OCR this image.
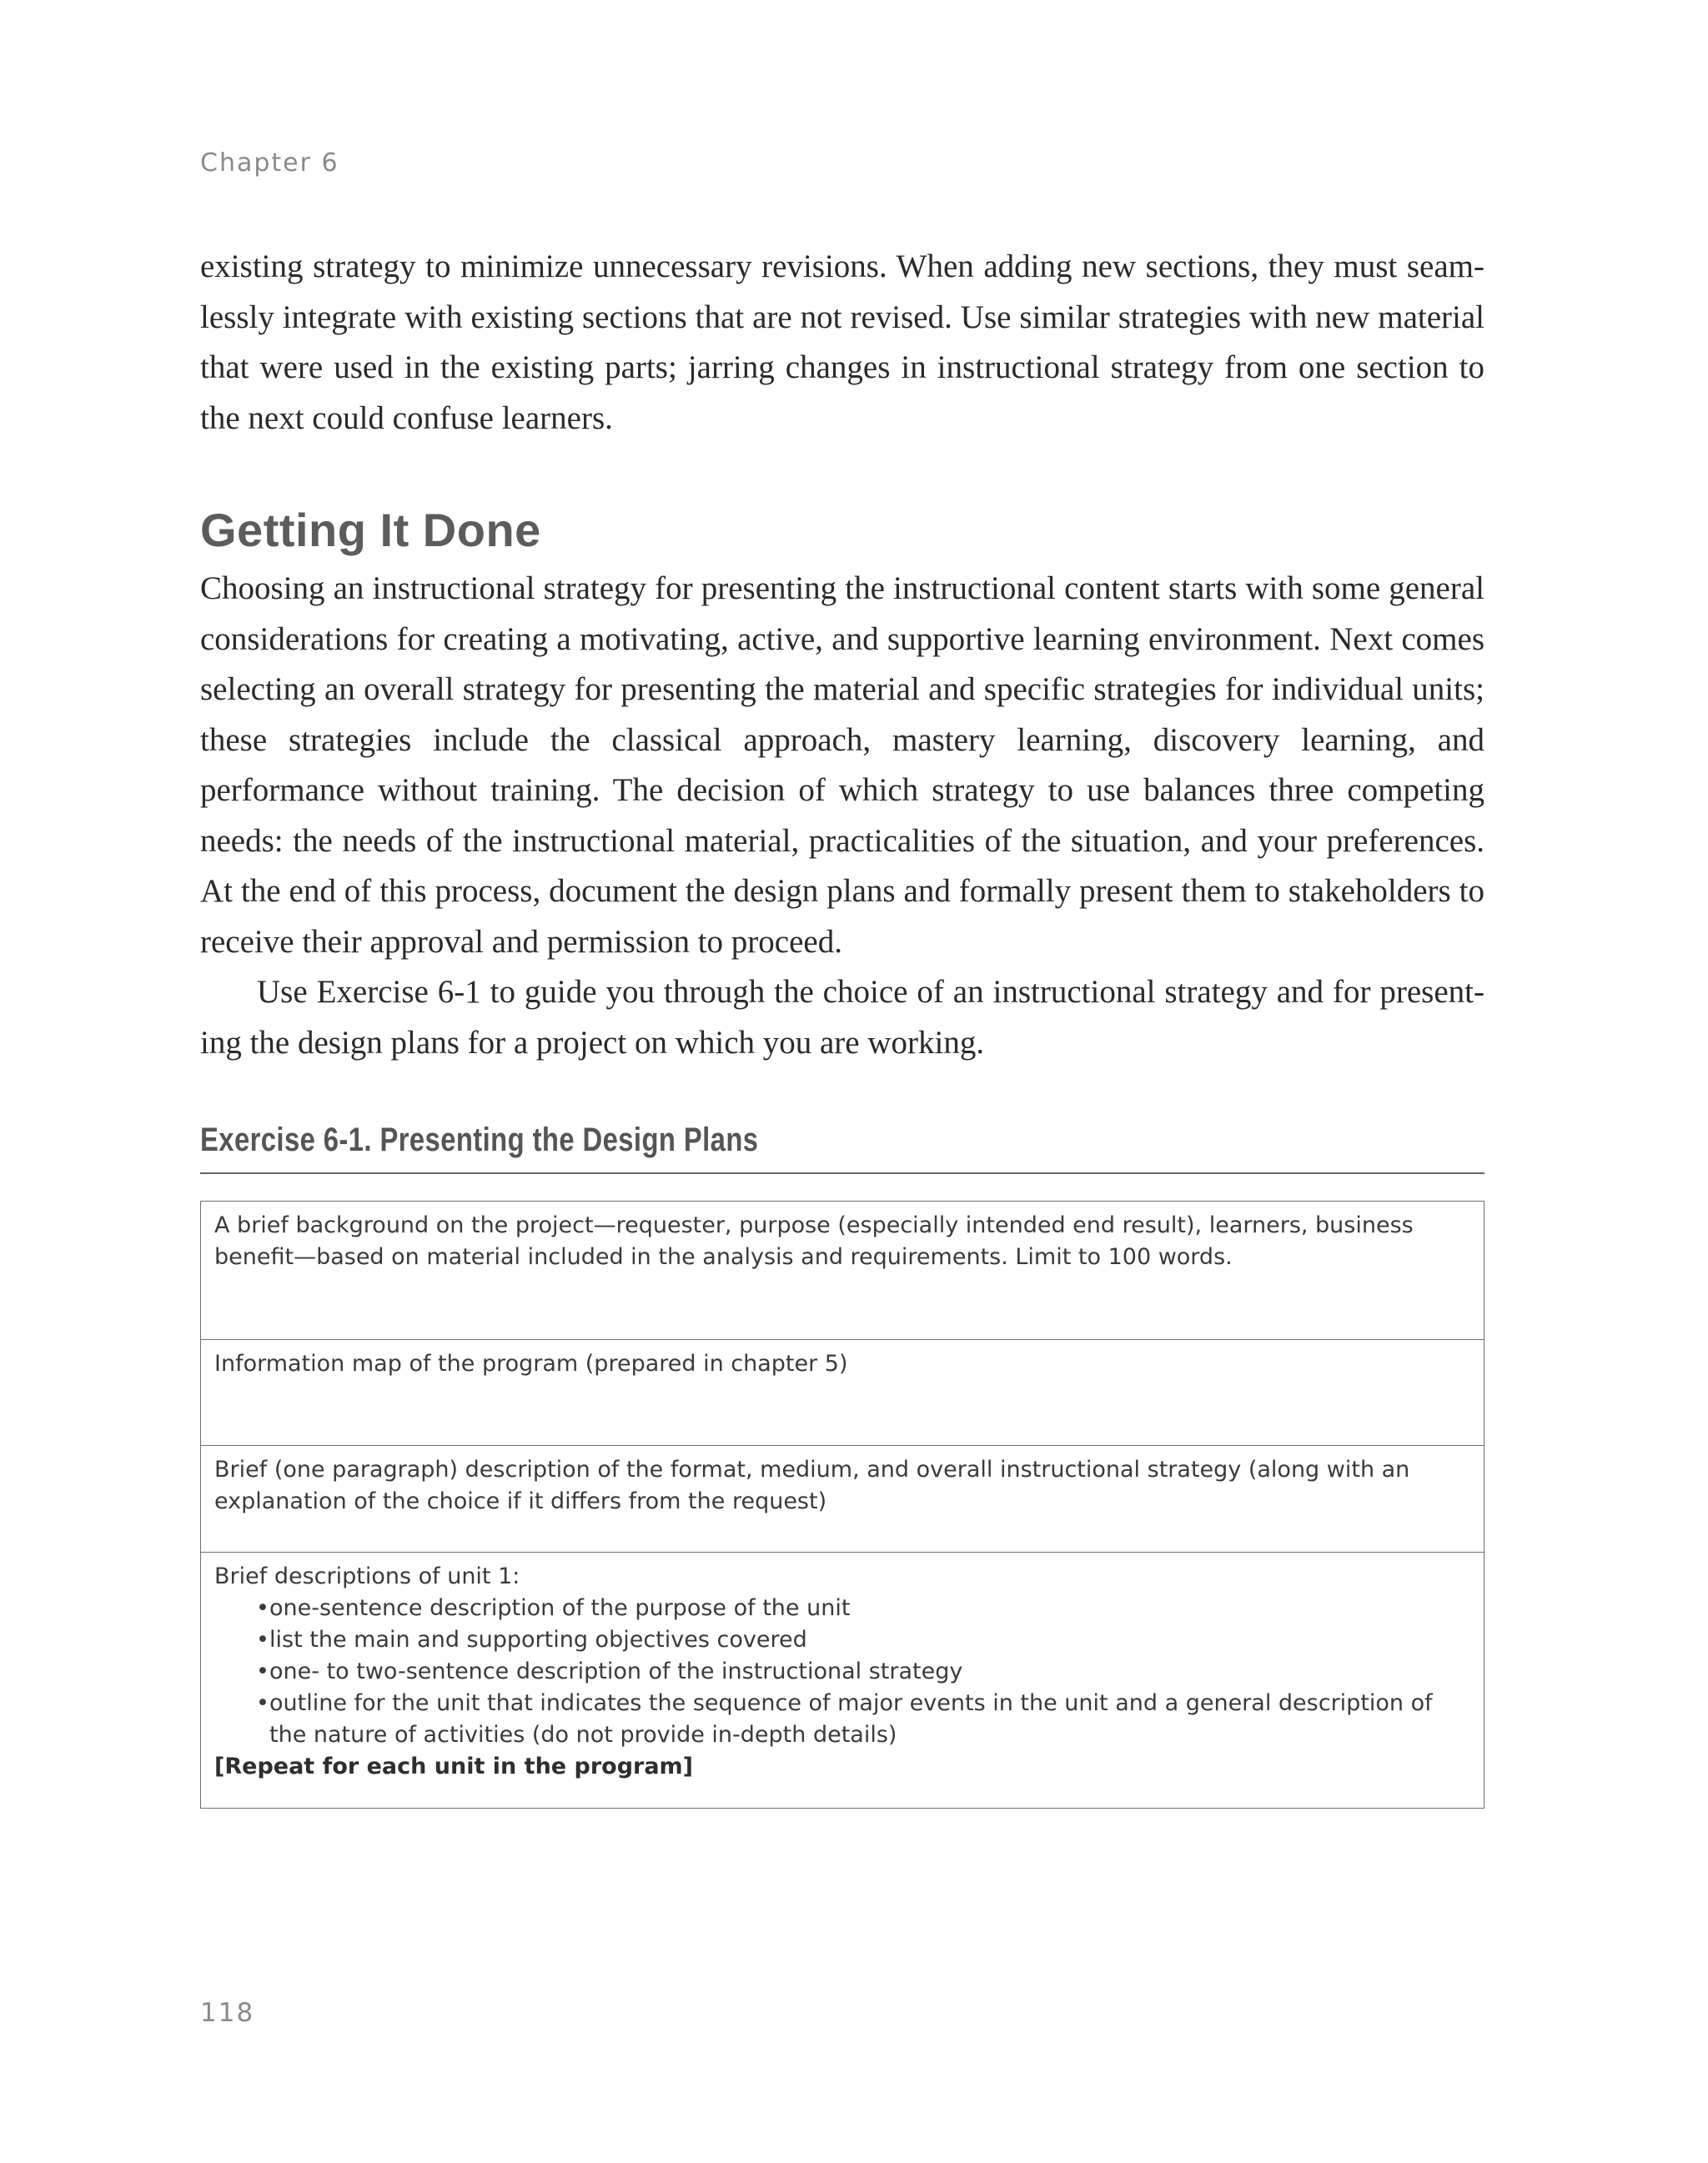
Chapter 6

existing strategy to minimize unnecessary revisions. When adding new sections, they must seamlessly integrate with existing sections that are not revised. Use similar strategies with new material that were used in the existing parts; jarring changes in instructional strategy from one section to the next could confuse learners.

Getting It Done

Choosing an instructional strategy for presenting the instructional content starts with some general considerations for creating a motivating, active, and supportive learning environment. Next comes selecting an overall strategy for presenting the material and specific strategies for individual units; these strategies include the classical approach, mastery learning, discovery learning, and performance without training. The decision of which strategy to use balances three competing needs: the needs of the instructional material, practicalities of the situation, and your preferences. At the end of this process, document the design plans and formally present them to stakeholders to receive their approval and permission to proceed.

Use Exercise 6-1 to guide you through the choice of an instructional strategy and for presenting the design plans for a project on which you are working.

Exercise 6-1. Presenting the Design Plans
A brief background on the project—requester, purpose (especially intended end result), learners, business benefit—based on material included in the analysis and requirements. Limit to 100 words.
Information map of the program (prepared in chapter 5)
Brief (one paragraph) description of the format, medium, and overall instructional strategy (along with an explanation of the choice if it differs from the request)
Brief descriptions of unit 1:
• one-sentence description of the purpose of the unit
• list the main and supporting objectives covered
• one- to two-sentence description of the instructional strategy
• outline for the unit that indicates the sequence of major events in the unit and a general description of the nature of activities (do not provide in-depth details)
[Repeat for each unit in the program]
118
